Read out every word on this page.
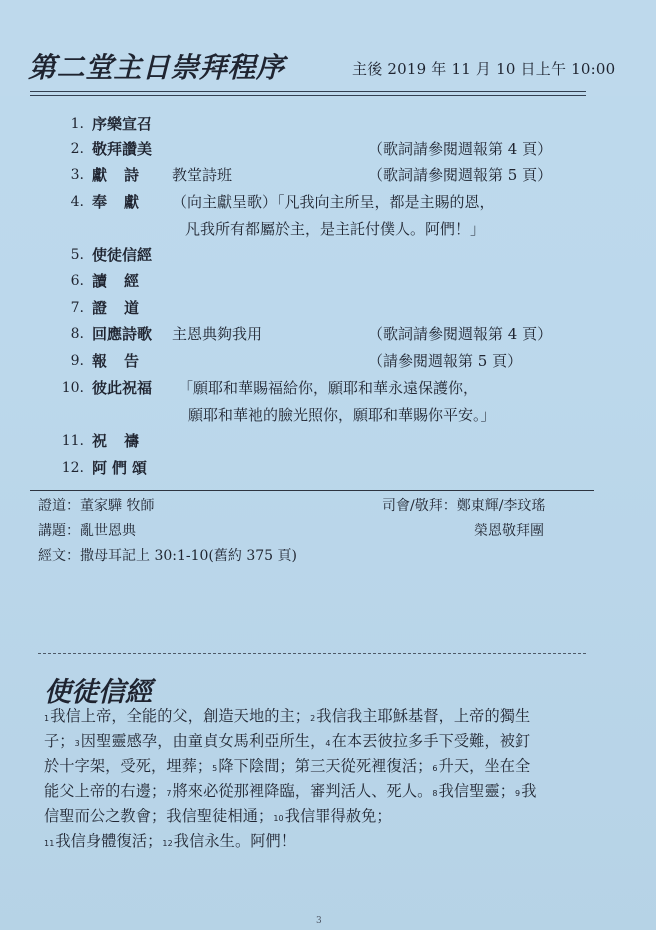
第二堂主日崇拜程序	主後 2019 年 11 月 10 日上午 10:00
1. 序樂宣召
2. 敬拜讚美	（歌詞請參閱週報第 4 頁）
3. 獻詩 教堂詩班	（歌詞請參閱週報第 5 頁）
4. 奉獻 （向主獻呈歌）「凡我向主所呈，都是主賜的恩，
凡我所有都屬於主，是主託付僕人。阿們！」
5. 使徒信經
6. 讀經
7. 證道
8. 回應詩歌 主恩典夠我用	（歌詞請參閱週報第 4 頁）
9. 報告	（請參閱週報第 5 頁）
10. 彼此祝福 「願耶和華賜福給你，願耶和華永遠保護你，
願耶和華祂的臉光照你，願耶和華賜你平安。」
11. 祝禱
12. 阿們頌
證道：董家驊 牧師	司會/敬拜：鄭東輝/李玟瑤
講題：亂世恩典	榮恩敬拜團
經文：撒母耳記上 30:1-10(舊約 375 頁)
使徒信經
1我信上帝，全能的父，創造天地的主；2我信我主耶穌基督，上帝的獨生
子；3因聖靈感孕，由童貞女馬利亞所生，4在本丟彼拉多手下受難，被釘
於十字架，受死，埋葬；5降下陰間；第三天從死裡復活；6升天，坐在全
能父上帝的右邊；7將來必從那裡降臨，審判活人、死人。8我信聖靈；9我
信聖而公之教會；我信聖徒相通；10我信罪得赦免；
11我信身體復活；12我信永生。阿們！
3
